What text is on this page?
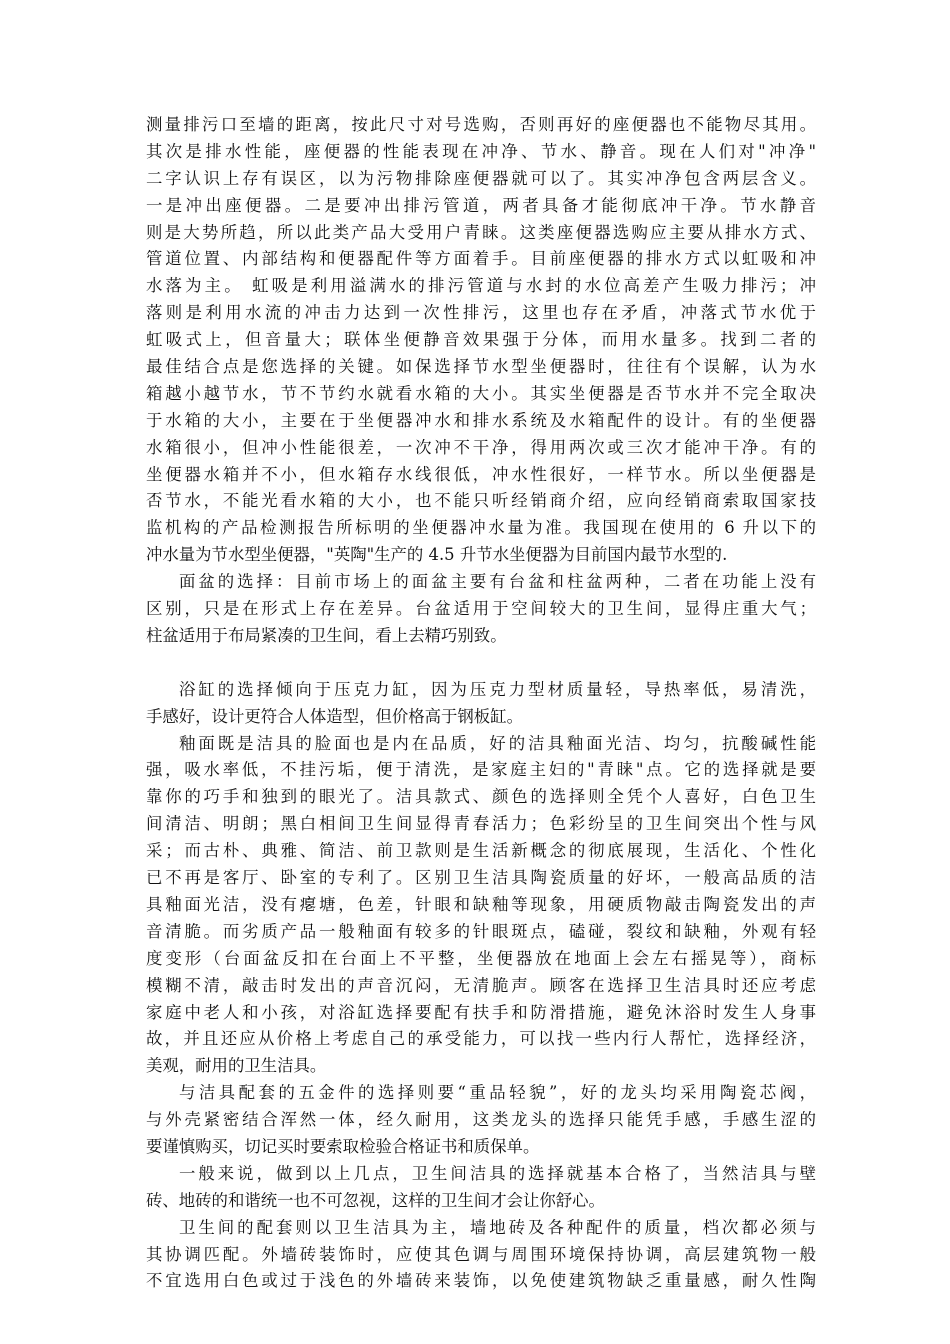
测量排污口至墙的距离，按此尺寸对号选购，否则再好的座便器也不能物尽其用。
其次是排水性能，座便器的性能表现在冲净、节水、静音。现在人们对"冲净"
二字认识上存有误区，以为污物排除座便器就可以了。其实冲净包含两层含义。
一是冲出座便器。二是要冲出排污管道，两者具备才能彻底冲干净。节水静音
则是大势所趋，所以此类产品大受用户青睐。这类座便器选购应主要从排水方式、
管道位置、内部结构和便器配件等方面着手。目前座便器的排水方式以虹吸和冲
水落为主。 虹吸是利用溢满水的排污管道与水封的水位高差产生吸力排污；冲
落则是利用水流的冲击力达到一次性排污，这里也存在矛盾，冲落式节水优于
虹吸式上，但音量大；联体坐便静音效果强于分体，而用水量多。找到二者的
最佳结合点是您选择的关键。如保选择节水型坐便器时，往往有个误解，认为水
箱越小越节水，节不节约水就看水箱的大小。其实坐便器是否节水并不完全取决
于水箱的大小，主要在于坐便器冲水和排水系统及水箱配件的设计。有的坐便器
水箱很小，但冲小性能很差，一次冲不干净，得用两次或三次才能冲干净。有的
坐便器水箱并不小，但水箱存水线很低，冲水性很好，一样节水。所以坐便器是
否节水，不能光看水箱的大小，也不能只听经销商介绍，应向经销商索取国家技
监机构的产品检测报告所标明的坐便器冲水量为准。我国现在使用的 6 升以下的
冲水量为节水型坐便器，"英陶"生产的 4.5 升节水坐便器为目前国内最节水型的.
面盆的选择：目前市场上的面盆主要有台盆和柱盆两种，二者在功能上没有
区别，只是在形式上存在差异。台盆适用于空间较大的卫生间，显得庄重大气；
柱盆适用于布局紧凑的卫生间，看上去精巧别致。
浴缸的选择倾向于压克力缸，因为压克力型材质量轻，导热率低，易清洗，
手感好，设计更符合人体造型，但价格高于钢板缸。
釉面既是洁具的脸面也是内在品质，好的洁具釉面光洁、均匀，抗酸碱性能
强，吸水率低，不挂污垢，便于清洗，是家庭主妇的"青睐"点。它的选择就是要
靠你的巧手和独到的眼光了。洁具款式、颜色的选择则全凭个人喜好，白色卫生
间清洁、明朗；黑白相间卫生间显得青春活力；色彩纷呈的卫生间突出个性与风
采；而古朴、典雅、简洁、前卫款则是生活新概念的彻底展现，生活化、个性化
已不再是客厅、卧室的专利了。区别卫生洁具陶瓷质量的好坏，一般高品质的洁
具釉面光洁，没有瘪塘，色差，针眼和缺釉等现象，用硬质物敲击陶瓷发出的声
音清脆。而劣质产品一般釉面有较多的针眼斑点，磕碰，裂纹和缺釉，外观有轻
度变形（台面盆反扣在台面上不平整，坐便器放在地面上会左右摇晃等），商标
模糊不清，敲击时发出的声音沉闷，无清脆声。顾客在选择卫生洁具时还应考虑
家庭中老人和小孩，对浴缸选择要配有扶手和防滑措施，避免沐浴时发生人身事
故，并且还应从价格上考虑自己的承受能力，可以找一些内行人帮忙，选择经济，
美观，耐用的卫生洁具。
与洁具配套的五金件的选择则要“重品轻貌”，好的龙头均采用陶瓷芯阀，
与外壳紧密结合浑然一体，经久耐用，这类龙头的选择只能凭手感，手感生涩的
要谨慎购买，切记买时要索取检验合格证书和质保单。
一般来说，做到以上几点，卫生间洁具的选择就基本合格了，当然洁具与壁
砖、地砖的和谐统一也不可忽视，这样的卫生间才会让你舒心。
卫生间的配套则以卫生洁具为主，墙地砖及各种配件的质量，档次都必须与
其协调匹配。外墙砖装饰时，应使其色调与周围环境保持协调，高层建筑物一般
不宜选用白色或过于浅色的外墙砖来装饰，以免使建筑物缺乏重量感，耐久性陶
